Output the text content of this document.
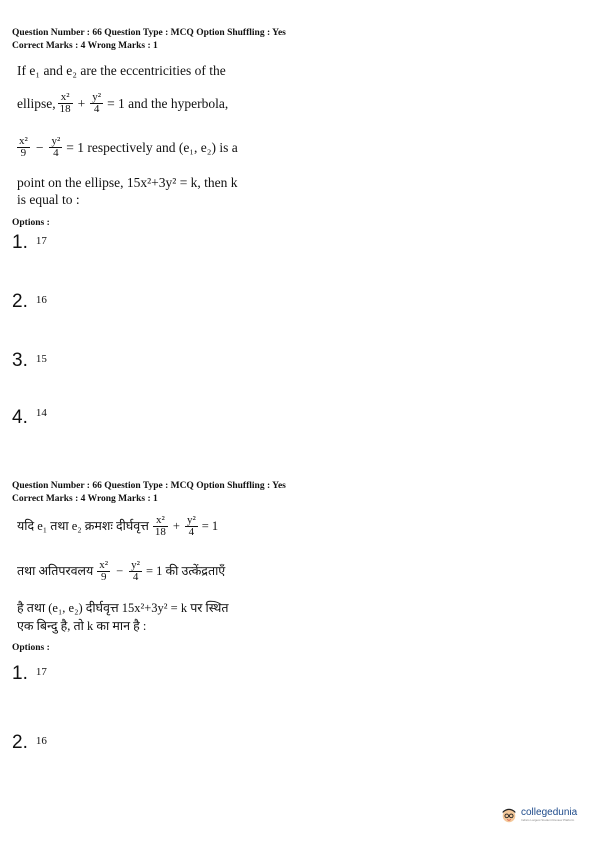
Question Number : 66 Question Type : MCQ Option Shuffling : Yes
Correct Marks : 4 Wrong Marks : 1
If e₁ and e₂ are the eccentricities of the
ellipse, $\frac{\text{x²}}{18} + \frac{\text{y²}}{4} = 1$ and the hyperbola,
$\frac{\text{x²}}{9} - \frac{\text{y²}}{4} = 1$ respectively and (e₁, e₂) is a
point on the ellipse, 15x²+3y² = k, then k
is equal to :
Options :
1. 17
2. 16
3. 15
4. 14
Question Number : 66 Question Type : MCQ Option Shuffling : Yes
Correct Marks : 4 Wrong Marks : 1
यदि e₁ तथा e₂ क्रमशः दीर्घवृत्त $\frac{\text{x²}}{18} + \frac{\text{y²}}{4} = 1$
तथा अतिपरवलय $\frac{\text{x²}}{9} - \frac{\text{y²}}{4} = 1$ की उत्केंद्रताएँ
है तथा (e₁, e₂) दीर्घवृत्त 15x²+3y² = k पर स्थित
एक बिन्दु है, तो k का मान है :
Options :
1. 17
2. 16
collegedunia
India's Largest Student Review Platform
